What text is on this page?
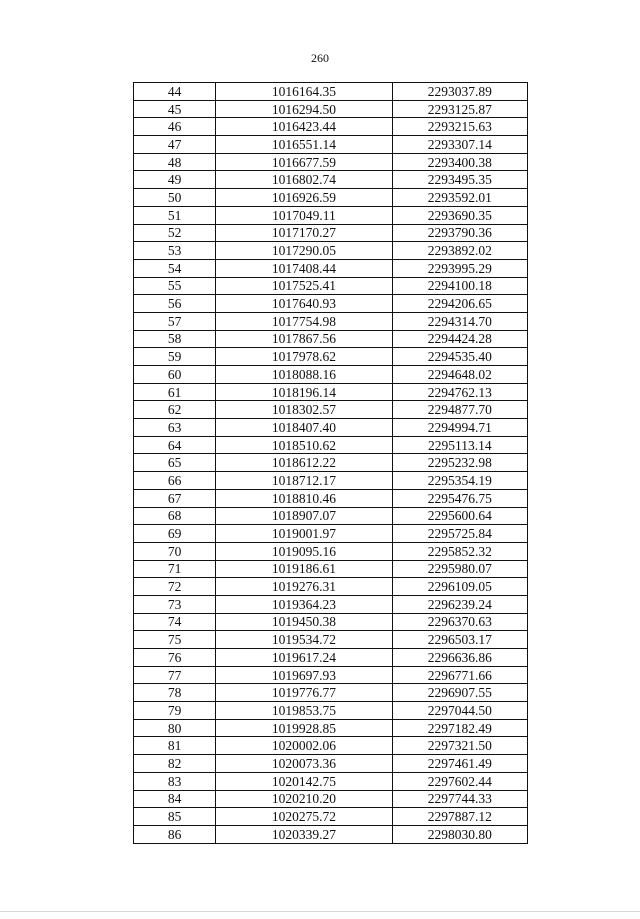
260
44	1016164.35	2293037.89
45	1016294.50	2293125.87
46	1016423.44	2293215.63
47	1016551.14	2293307.14
48	1016677.59	2293400.38
49	1016802.74	2293495.35
50	1016926.59	2293592.01
51	1017049.11	2293690.35
52	1017170.27	2293790.36
53	1017290.05	2293892.02
54	1017408.44	2293995.29
55	1017525.41	2294100.18
56	1017640.93	2294206.65
57	1017754.98	2294314.70
58	1017867.56	2294424.28
59	1017978.62	2294535.40
60	1018088.16	2294648.02
61	1018196.14	2294762.13
62	1018302.57	2294877.70
63	1018407.40	2294994.71
64	1018510.62	2295113.14
65	1018612.22	2295232.98
66	1018712.17	2295354.19
67	1018810.46	2295476.75
68	1018907.07	2295600.64
69	1019001.97	2295725.84
70	1019095.16	2295852.32
71	1019186.61	2295980.07
72	1019276.31	2296109.05
73	1019364.23	2296239.24
74	1019450.38	2296370.63
75	1019534.72	2296503.17
76	1019617.24	2296636.86
77	1019697.93	2296771.66
78	1019776.77	2296907.55
79	1019853.75	2297044.50
80	1019928.85	2297182.49
81	1020002.06	2297321.50
82	1020073.36	2297461.49
83	1020142.75	2297602.44
84	1020210.20	2297744.33
85	1020275.72	2297887.12
86	1020339.27	2298030.80
